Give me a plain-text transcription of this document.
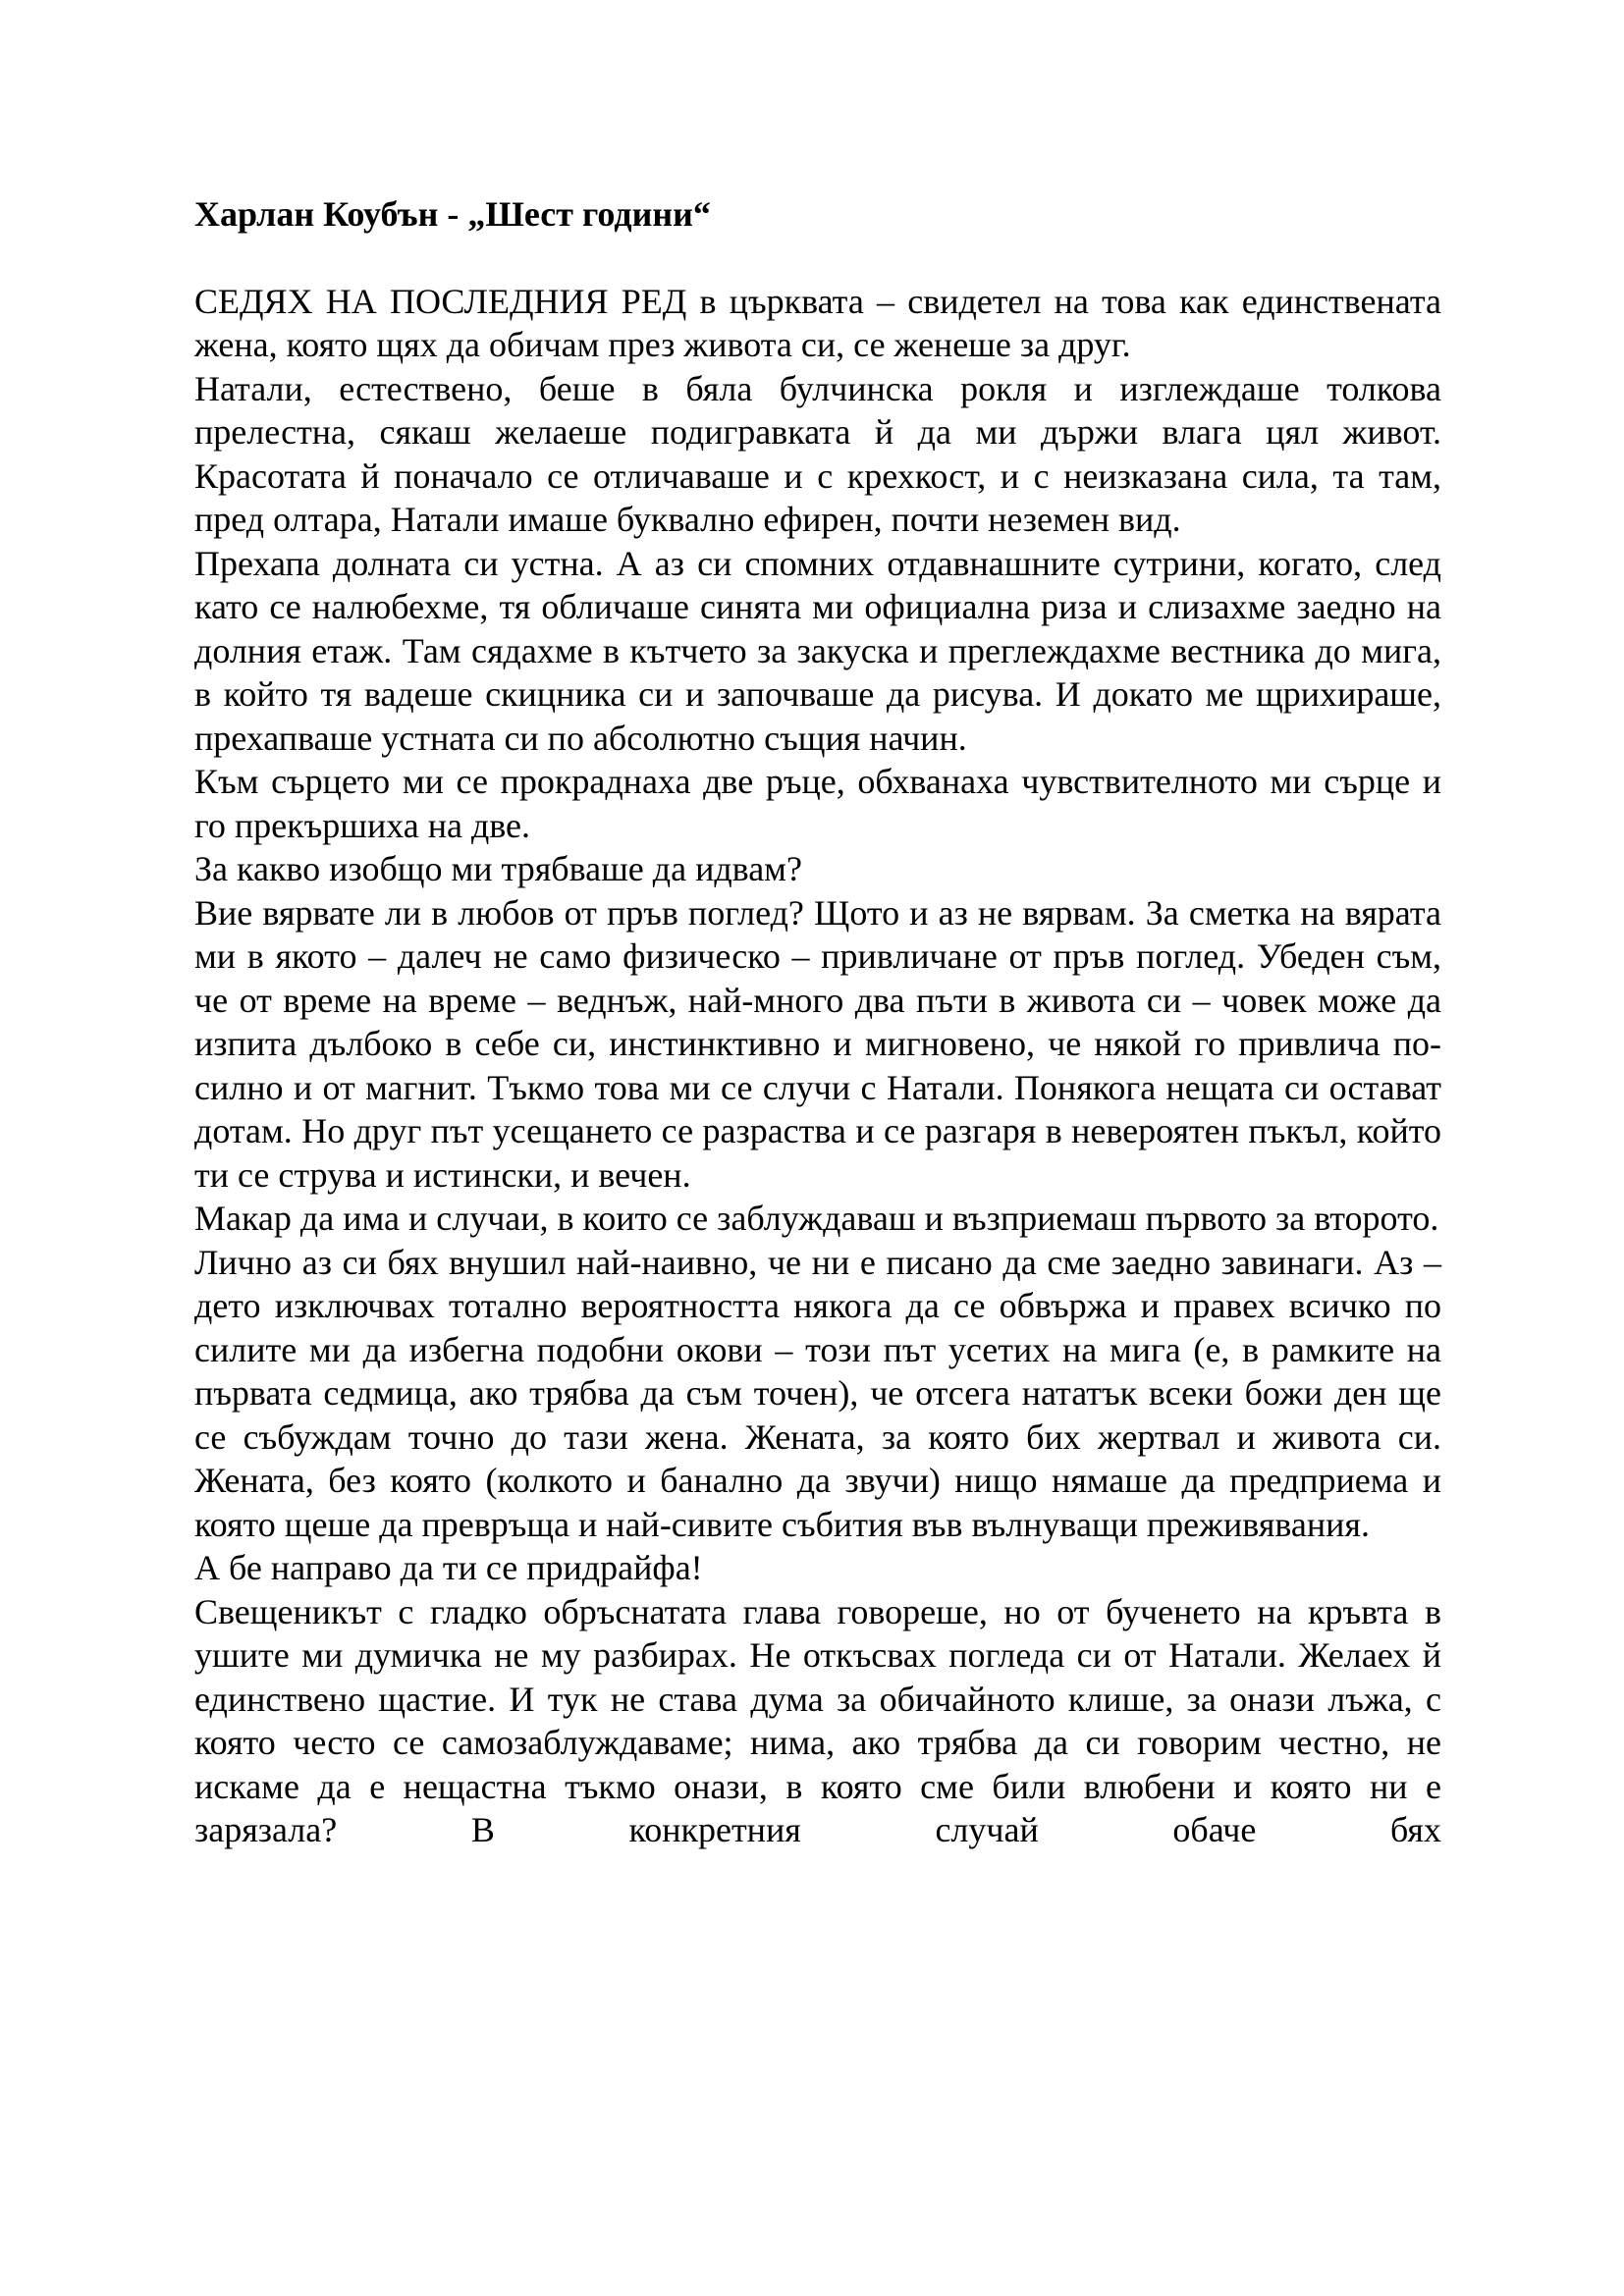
Харлан Коубън - „Шест години“

СЕДЯХ НА ПОСЛЕДНИЯ РЕД в църквата – свидетел на това как единствената жена, която щях да обичам през живота си, се женеше за друг.

Натали, естествено, беше в бяла булчинска рокля и изглеждаше толкова прелестна, сякаш желаеше подигравката й да ми държи влага цял живот. Красотата й поначало се отличаваше и с крехкост, и с неизказана сила, та там, пред олтара, Натали имаше буквално ефирен, почти неземен вид.

Прехапа долната си устна. А аз си спомних отдавнашните сутрини, когато, след като се налюбехме, тя обличаше синята ми официална риза и слизахме заедно на долния етаж. Там сядахме в кътчето за закуска и преглеждахме вестника до мига, в който тя вадеше скицника си и започваше да рисува. И докато ме щрихираше, прехапваше устната си по абсолютно същия начин.

Към сърцето ми се прокраднаха две ръце, обхванаха чувствителното ми сърце и го прекършиха на две.

За какво изобщо ми трябваше да идвам?

Вие вярвате ли в любов от пръв поглед? Щото и аз не вярвам. За сметка на вярата ми в якото – далеч не само физическо – привличане от пръв поглед. Убеден съм, че от време на време – веднъж, най-много два пъти в живота си – човек може да изпита дълбоко в себе си, инстинктивно и мигновено, че някой го привлича по-силно и от магнит. Тъкмо това ми се случи с Натали. Понякога нещата си остават дотам. Но друг път усещането се разраства и се разгаря в невероятен пъкъл, който ти се струва и истински, и вечен.

Макар да има и случаи, в които се заблуждаваш и възприемаш първото за второто.

Лично аз си бях внушил най-наивно, че ни е писано да сме заедно завинаги. Аз – дето изключвах тотално вероятността някога да се обвържа и правех всичко по силите ми да избегна подобни окови – този път усетих на мига (е, в рамките на първата седмица, ако трябва да съм точен), че отсега нататък всеки божи ден ще се събуждам точно до тази жена. Жената, за която бих жертвал и живота си. Жената, без която (колкото и банално да звучи) нищо нямаше да предприема и която щеше да превръща и най-сивите събития във вълнуващи преживявания.

А бе направо да ти се придрайфа!

Свещеникът с гладко обръснатата глава говореше, но от бученето на кръвта в ушите ми думичка не му разбирах. Не откъсвах погледа си от Натали. Желаех й единствено щастие. И тук не става дума за обичайното клише, за онази лъжа, с която често се самозаблуждаваме; нима, ако трябва да си говорим честно, не искаме да е нещастна тъкмо онази, в която сме били влюбени и която ни е зарязала? В конкретния случай обаче бях
